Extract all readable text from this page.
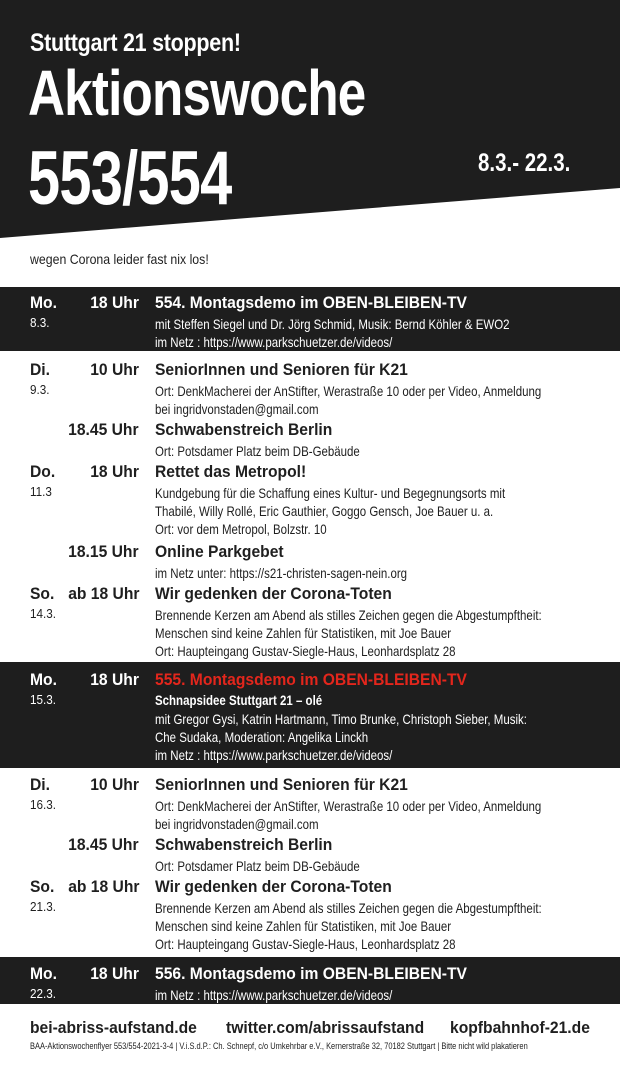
Stuttgart 21 stoppen!
Aktionswoche
553/554	8.3.- 22.3.
wegen Corona leider fast nix los!
Mo.
8.3.
18 Uhr 554. Montagsdemo im OBEN-BLEIBEN-TV
mit Steffen Siegel und Dr. Jörg Schmid, Musik: Bernd Köhler & EWO2
im Netz : https://www.parkschuetzer.de/videos/
Di.
9.3.
10 Uhr SeniorInnen und Senioren für K21
Ort: DenkMacherei der AnStifter, Werastraße 10 oder per Video, Anmeldung
bei ingridvonstaden@gmail.com
18.45 Uhr Schwabenstreich Berlin
Ort: Potsdamer Platz beim DB-Gebäude
Do.
11.3
18 Uhr Rettet das Metropol!
Kundgebung für die Schaffung eines Kultur- und Begegnungsorts mit
Thabilé, Willy Rollé, Eric Gauthier, Goggo Gensch, Joe Bauer u. a.
Ort: vor dem Metropol, Bolzstr. 10
18.15 Uhr Online Parkgebet
im Netz unter: https://s21-christen-sagen-nein.org
So.
14.3.
ab 18 Uhr Wir gedenken der Corona-Toten
Brennende Kerzen am Abend als stilles Zeichen gegen die Abgestumpftheit:
Menschen sind keine Zahlen für Statistiken, mit Joe Bauer
Ort: Haupteingang Gustav-Siegle-Haus, Leonhardsplatz 28
Mo.
15.3.
18 Uhr 555. Montagsdemo im OBEN-BLEIBEN-TV
Schnapsidee Stuttgart 21 – olé
mit Gregor Gysi, Katrin Hartmann, Timo Brunke, Christoph Sieber, Musik:
Che Sudaka, Moderation: Angelika Linckh
im Netz : https://www.parkschuetzer.de/videos/
Di.
16.3.
10 Uhr SeniorInnen und Senioren für K21
Ort: DenkMacherei der AnStifter, Werastraße 10 oder per Video, Anmeldung
bei ingridvonstaden@gmail.com
18.45 Uhr Schwabenstreich Berlin
Ort: Potsdamer Platz beim DB-Gebäude
So.
21.3.
ab 18 Uhr Wir gedenken der Corona-Toten
Brennende Kerzen am Abend als stilles Zeichen gegen die Abgestumpftheit:
Menschen sind keine Zahlen für Statistiken, mit Joe Bauer
Ort: Haupteingang Gustav-Siegle-Haus, Leonhardsplatz 28
Mo.
22.3.
18 Uhr 556. Montagsdemo im OBEN-BLEIBEN-TV
im Netz : https://www.parkschuetzer.de/videos/
bei-abriss-aufstand.de twitter.com/abrissaufstand kopfbahnhof-21.de
BAA-Aktionswochenflyer 553/554-2021-3-4 | V.i.S.d.P.: Ch. Schnepf, c/o Umkehrbar e.V., Kernerstraße 32, 70182 Stuttgart | Bitte nicht wild plakatieren
